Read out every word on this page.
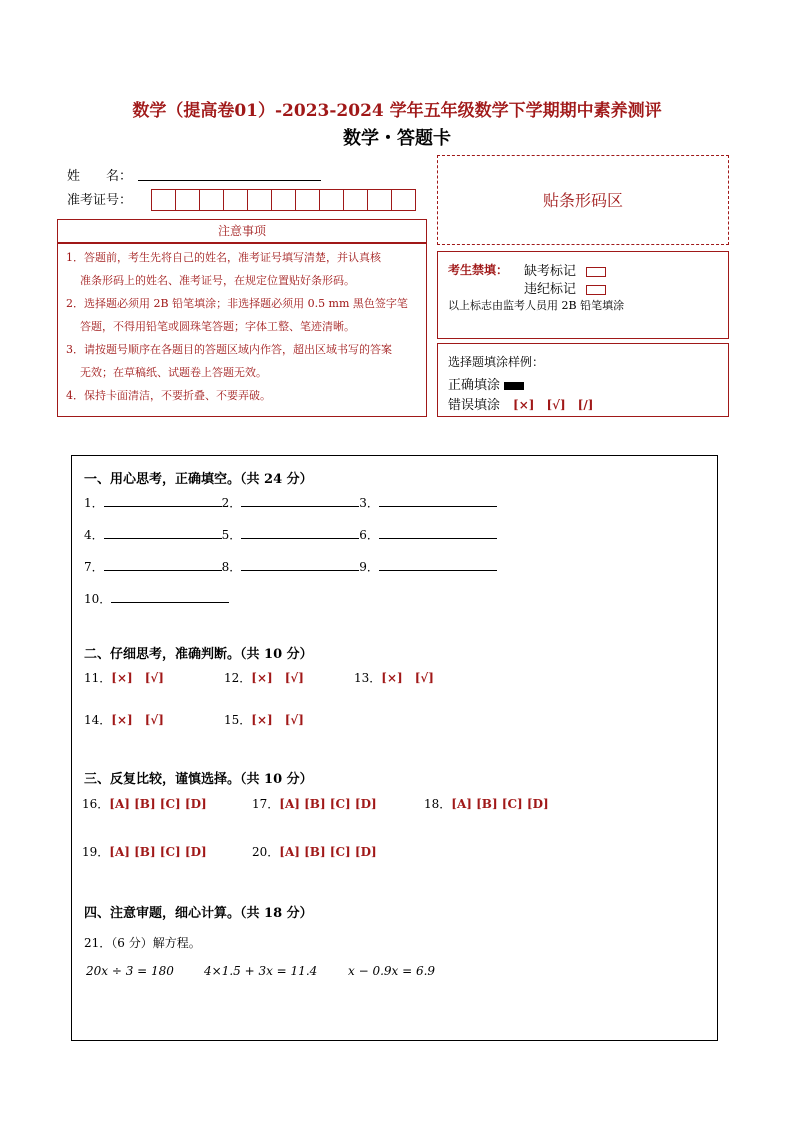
数学（提高卷01）-2023-2024 学年五年级数学下学期期中素养测评
数学・答题卡
姓　　名：
准考证号：	贴条形码区
注意事项

1．答题前，考生先将自己的姓名，准考证号填写清楚，并认真核

准条形码上的姓名、准考证号，在规定位置贴好条形码。

2．选择题必须用 2B 铅笔填涂；非选择题必须用 0.5 mm 黑色签字笔

答题，不得用铅笔或圆珠笔答题；字体工整、笔迹清晰。

3．请按题号顺序在各题目的答题区域内作答，超出区域书写的答案

无效；在草稿纸、试题卷上答题无效。

4．保持卡面清洁，不要折叠、不要弄破。

考生禁填： 缺考标记
违纪标记
以上标志由监考人员用 2B 铅笔填涂
选择题填涂样例：
正确填涂
错误填涂　 [×]　[√]　[/]
一、用心思考，正确填空。（共 24 分）
1．	2．	3．
4．	5．	6．
7．	8．	9．
10．
二、仔细思考，准确判断。（共 10 分）
11．[×]　[√]	12．[×]　[√]	13．[×]　[√]
14．[×]　[√]	15．[×]　[√]
三、反复比较，谨慎选择。（共 10 分）
16．[A] [B] [C] [D]	17．[A] [B] [C] [D]	18．[A] [B] [C] [D]
19．[A] [B] [C] [D]	20．[A] [B] [C] [D]
四、注意审题，细心计算。（共 18 分）
21．（6 分）解方程。
20x ÷ 3 = 180	4×1.5 + 3x = 11.4	x − 0.9x = 6.9
